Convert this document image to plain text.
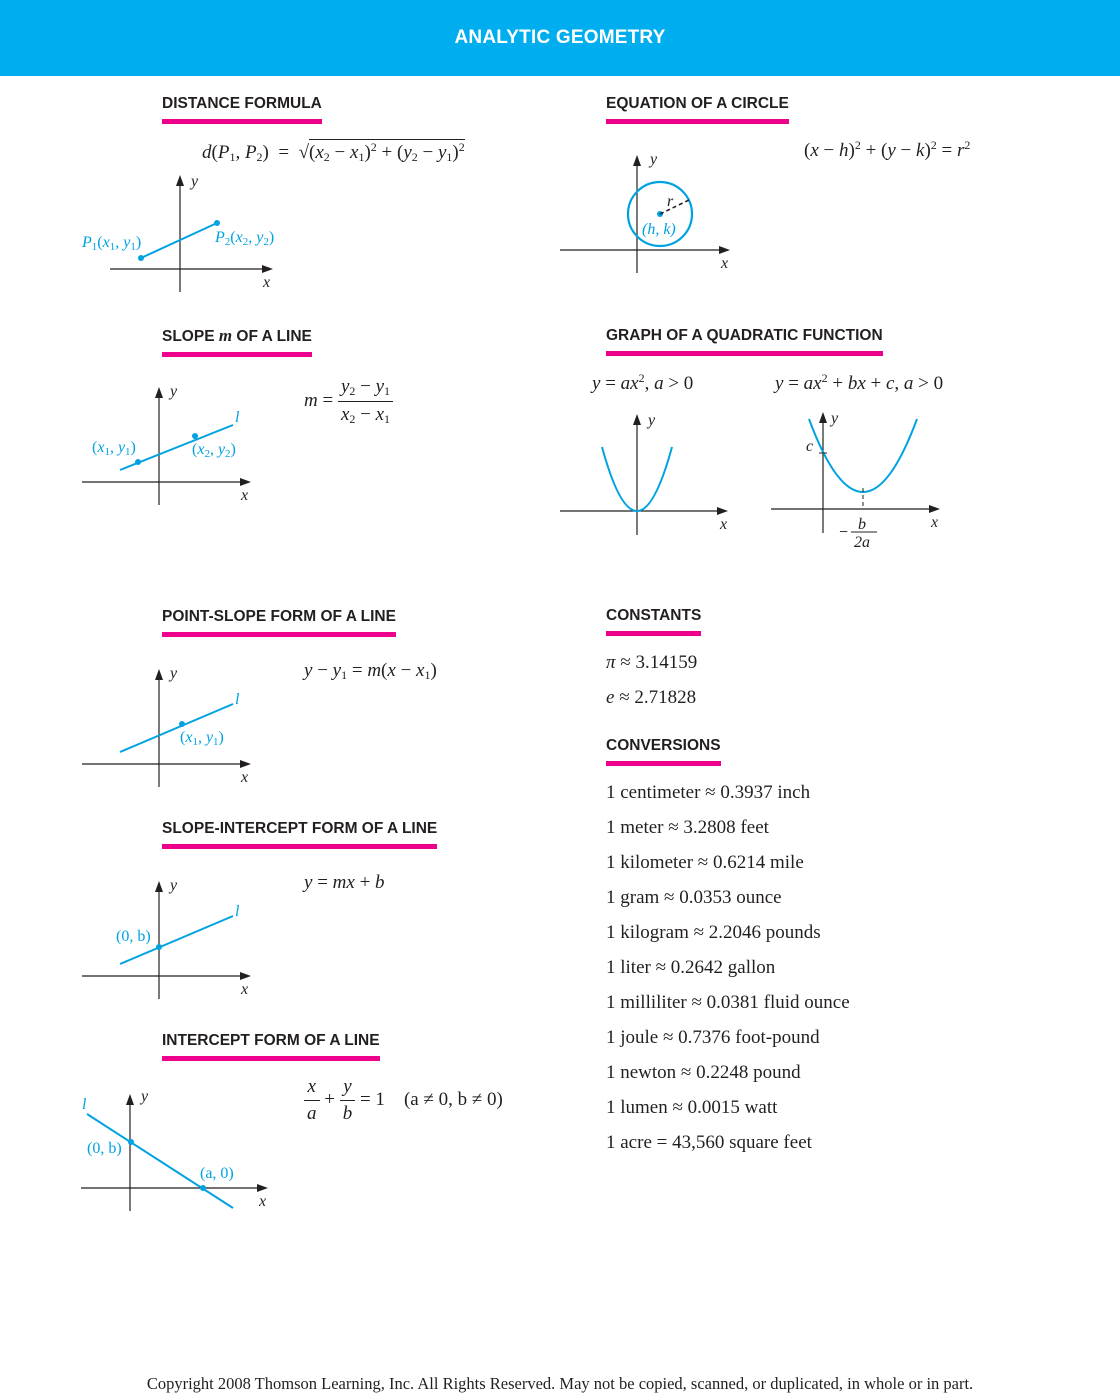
ANALYTIC GEOMETRY
DISTANCE FORMULA
$d(P_1$, $P_2) = √(x_2 - x_1)^2 + (y_2 - y_1)^2$
y
x
P1(x1, y1)	P2(x2, y2)
EQUATION OF A CIRCLE
$(x - h)^2 + (y - k)^2 = r^2$
y
x
r
(h, k)
SLOPE m OF A LINE
$m = \frac{y_2 - y_1}{x_2 - x_1}$
y
x
l
(x1, y1)	(x2, y2)
GRAPH OF A QUADRATIC FUNCTION
$y = ax^2$, a > 0	$y = ax^2$ + bx + c, a > 0
y
x
y
x
c
− b
2a
POINT-SLOPE FORM OF A LINE
$y - y_1 = m(x - x_1)$
y
x
l
(x1, y1)
SLOPE-INTERCEPT FORM OF A LINE
y = mx + b
y
x
l
(0, b)
INTERCEPT FORM OF A LINE
$\frac{x}{a} + \frac{y}{b} = 1$    (a ≠ 0, b ≠ 0)
y
x
l
(0, b)
(a, 0)
CONSTANTS
π ≈ 3.14159
e ≈ 2.71828
CONVERSIONS
1 centimeter ≈ 0.3937 inch
1 meter ≈ 3.2808 feet
1 kilometer ≈ 0.6214 mile
1 gram ≈ 0.0353 ounce
1 kilogram ≈ 2.2046 pounds
1 liter ≈ 0.2642 gallon
1 milliliter ≈ 0.0381 fluid ounce
1 joule ≈ 0.7376 foot-pound
1 newton ≈ 0.2248 pound
1 lumen ≈ 0.0015 watt
1 acre = 43,560 square feet
Copyright 2008 Thomson Learning, Inc. All Rights Reserved. May not be copied, scanned, or duplicated, in whole or in part.
